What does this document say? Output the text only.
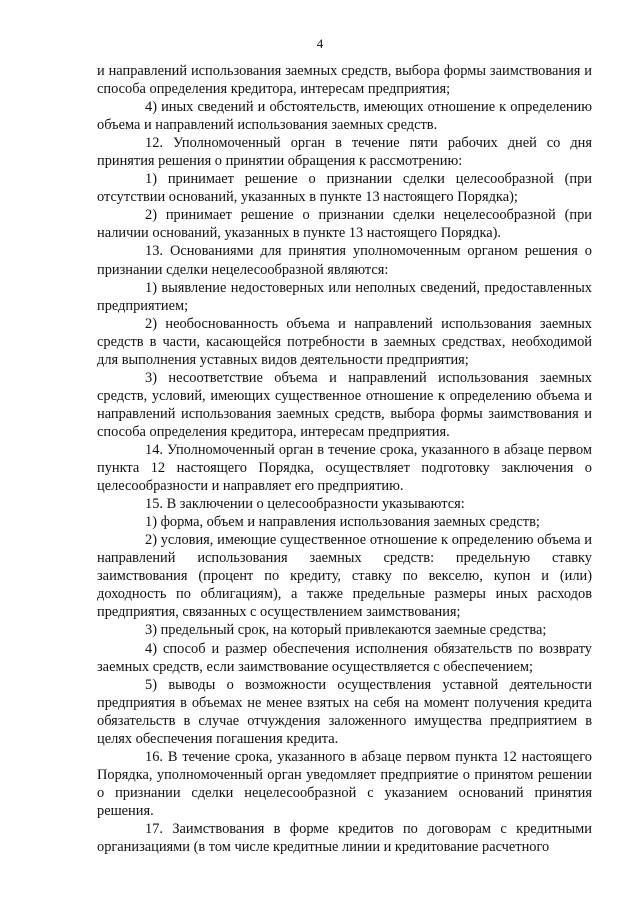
4

и направлений использования заемных средств, выбора формы заимствования и способа определения кредитора, интересам предприятия;

4) иных сведений и обстоятельств, имеющих отношение к определению объема и направлений использования заемных средств.

12. Уполномоченный орган в течение пяти рабочих дней со дня принятия решения о принятии обращения к рассмотрению:

1) принимает решение о признании сделки целесообразной (при отсутствии оснований, указанных в пункте 13 настоящего Порядка);

2) принимает решение о признании сделки нецелесообразной (при наличии оснований, указанных в пункте 13 настоящего Порядка).

13. Основаниями для принятия уполномоченным органом решения о признании сделки нецелесообразной являются:

1) выявление недостоверных или неполных сведений, предоставленных предприятием;

2) необоснованность объема и направлений использования заемных средств в части, касающейся потребности в заемных средствах, необходимой для выполнения уставных видов деятельности предприятия;

3) несоответствие объема и направлений использования заемных средств, условий, имеющих существенное отношение к определению объема и направлений использования заемных средств, выбора формы заимствования и способа определения кредитора, интересам предприятия.

14. Уполномоченный орган в течение срока, указанного в абзаце первом пункта 12 настоящего Порядка, осуществляет подготовку заключения о целесообразности и направляет его предприятию.

15. В заключении о целесообразности указываются:

1) форма, объем и направления использования заемных средств;

2) условия, имеющие существенное отношение к определению объема и направлений использования заемных средств: предельную ставку заимствования (процент по кредиту, ставку по векселю, купон и (или) доходность по облигациям), а также предельные размеры иных расходов предприятия, связанных с осуществлением заимствования;

3) предельный срок, на который привлекаются заемные средства;

4) способ и размер обеспечения исполнения обязательств по возврату заемных средств, если заимствование осуществляется с обеспечением;

5) выводы о возможности осуществления уставной деятельности предприятия в объемах не менее взятых на себя на момент получения кредита обязательств в случае отчуждения заложенного имущества предприятием в целях обеспечения погашения кредита.

16. В течение срока, указанного в абзаце первом пункта 12 настоящего Порядка, уполномоченный орган уведомляет предприятие о принятом решении о признании сделки нецелесообразной с указанием оснований принятия решения.

17. Заимствования в форме кредитов по договорам с кредитными организациями (в том числе кредитные линии и кредитование расчетного
